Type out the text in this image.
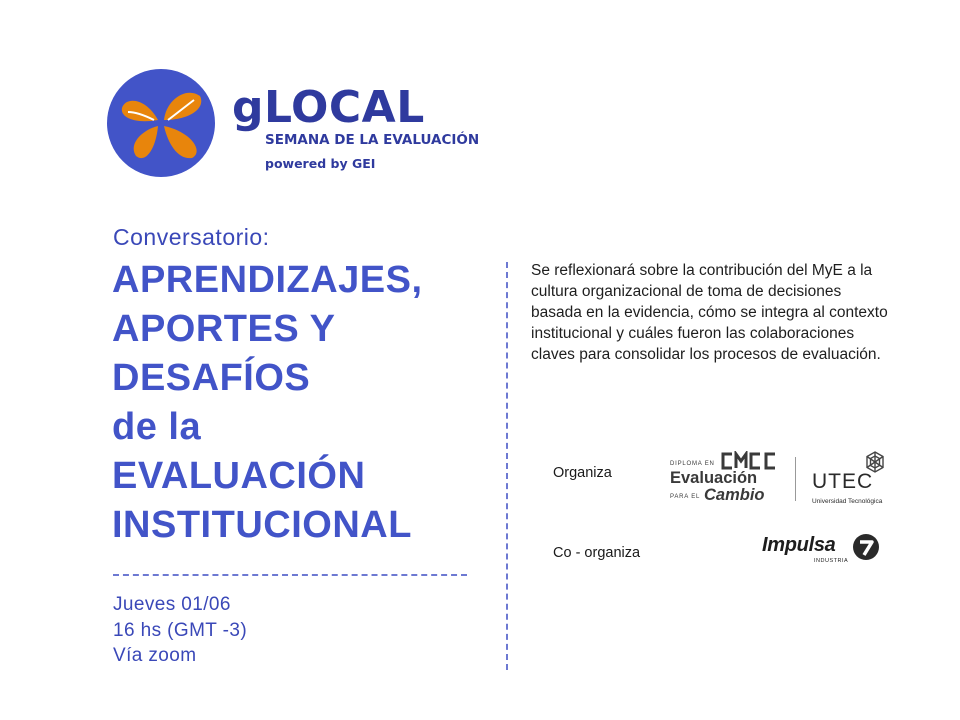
gLOCAL
SEMANA DE LA EVALUACIÓN
powered by GEI
Conversatorio:
APRENDIZAJES,
APORTES Y
DESAFÍOS
de la
EVALUACIÓN
INSTITUCIONAL
Jueves 01/06
16 hs (GMT -3)
Vía zoom
Se reflexionará sobre la contribución del MyE a la cultura organizacional de toma de decisiones basada en la evidencia, cómo se integra al contexto institucional y cuáles fueron las colaboraciones claves para consolidar los procesos de evaluación.
Organiza
Co - organiza
DIPLOMA EN
Evaluación
PARA EL Cambio
UTEC
Universidad Tecnológica
Impulsa
INDUSTRIA
